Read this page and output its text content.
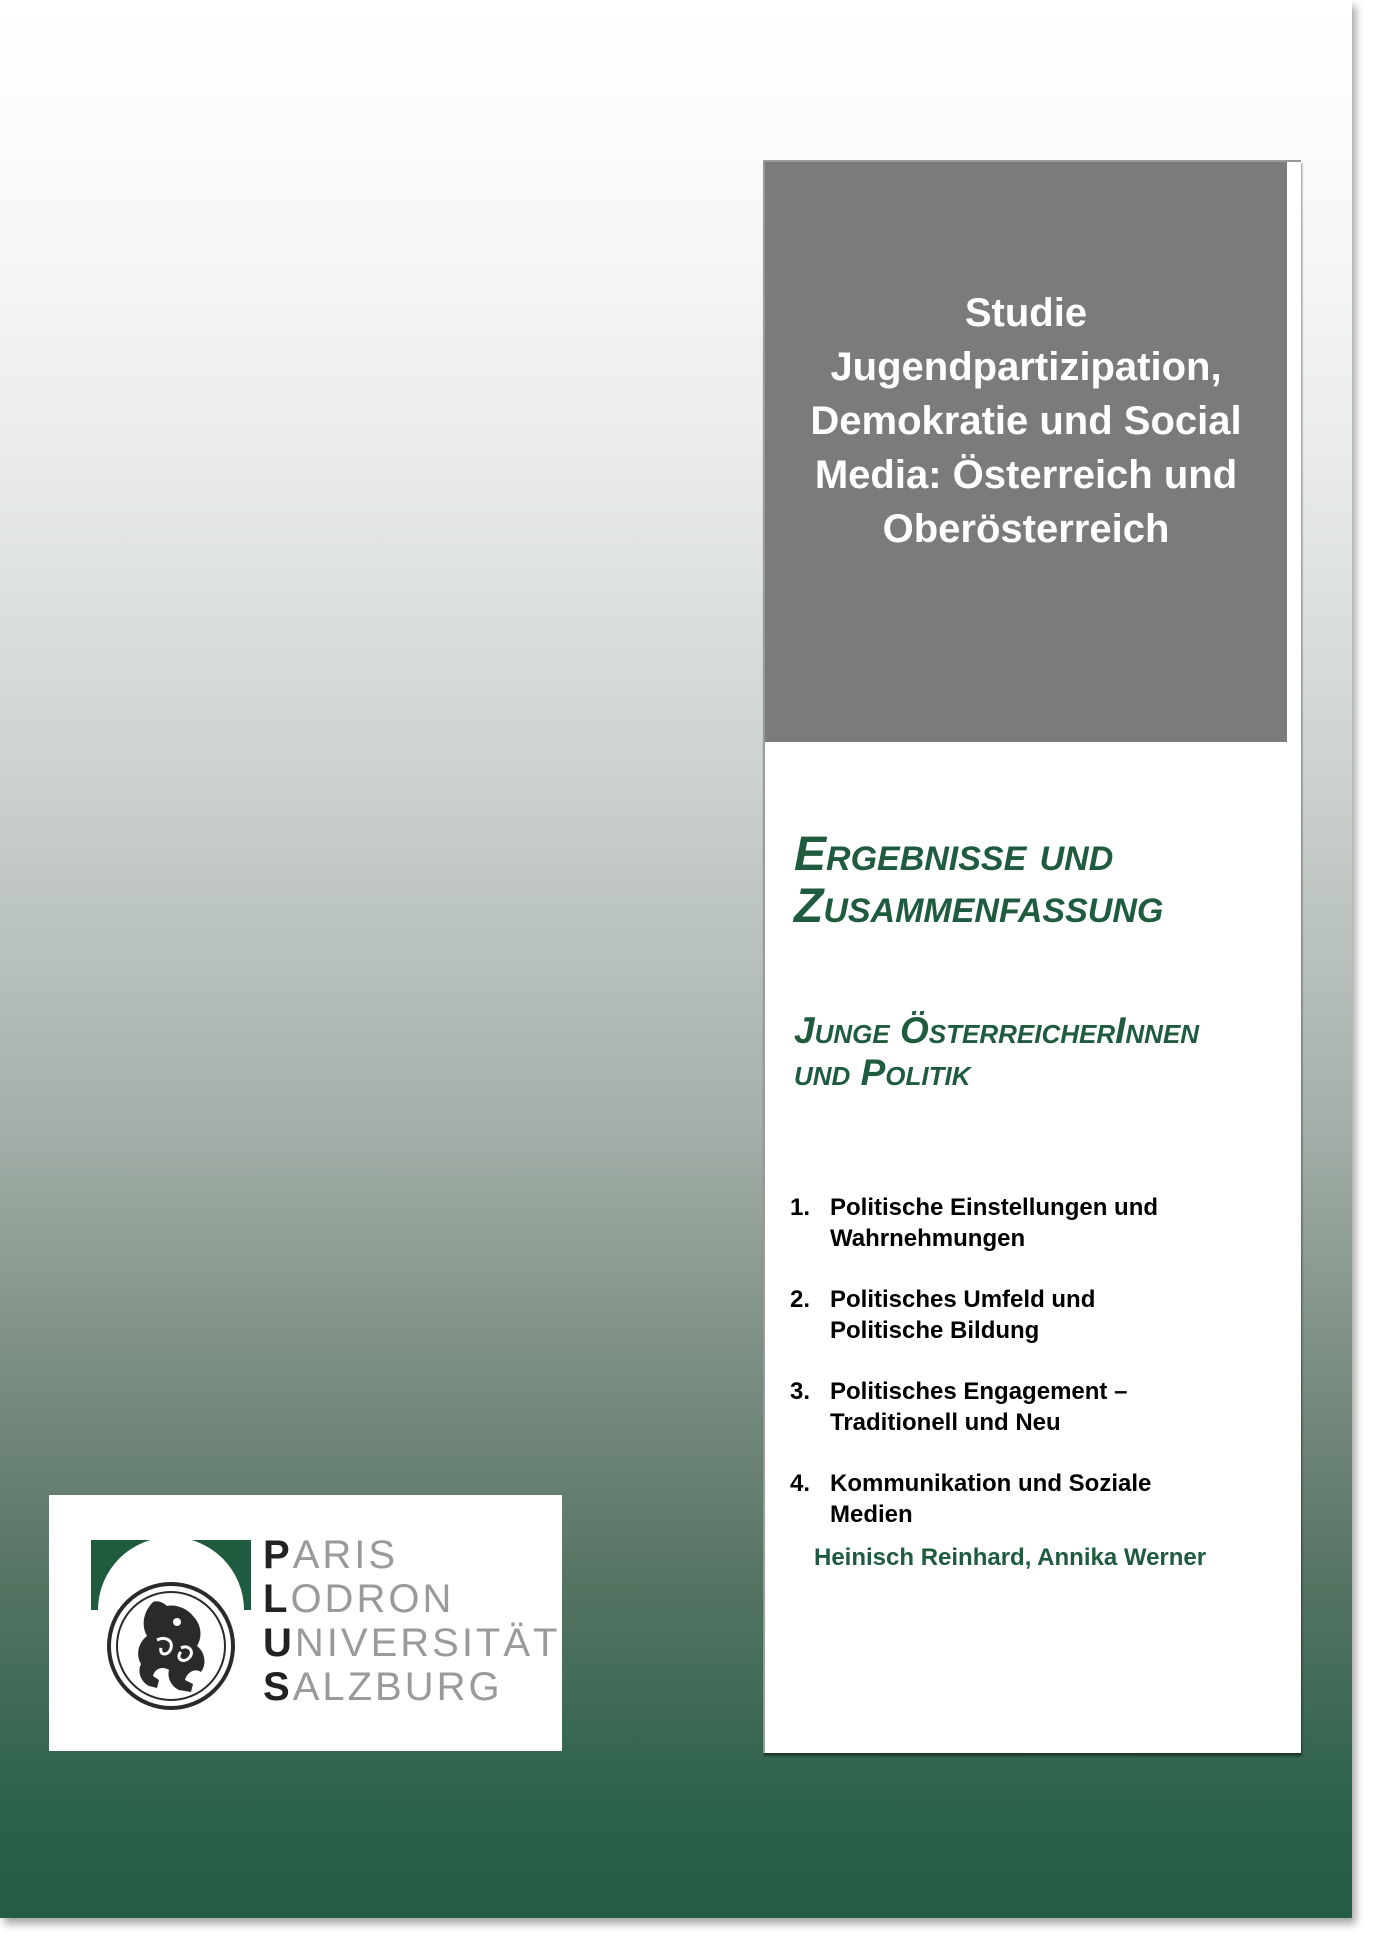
Studie
Jugendpartizipation,
Demokratie und Social
Media: Österreich und
Oberösterreich
Ergebnisse und
Zusammenfassung
Junge ÖsterreicherInnen
und Politik
1. Politische Einstellungen und
Wahrnehmungen
2. Politisches Umfeld und
Politische Bildung
3. Politisches Engagement –
Traditionell und Neu
4. Kommunikation und Soziale
Medien
Heinisch Reinhard, Annika Werner
PARIS
LODRON
UNIVERSITÄT
SALZBURG
